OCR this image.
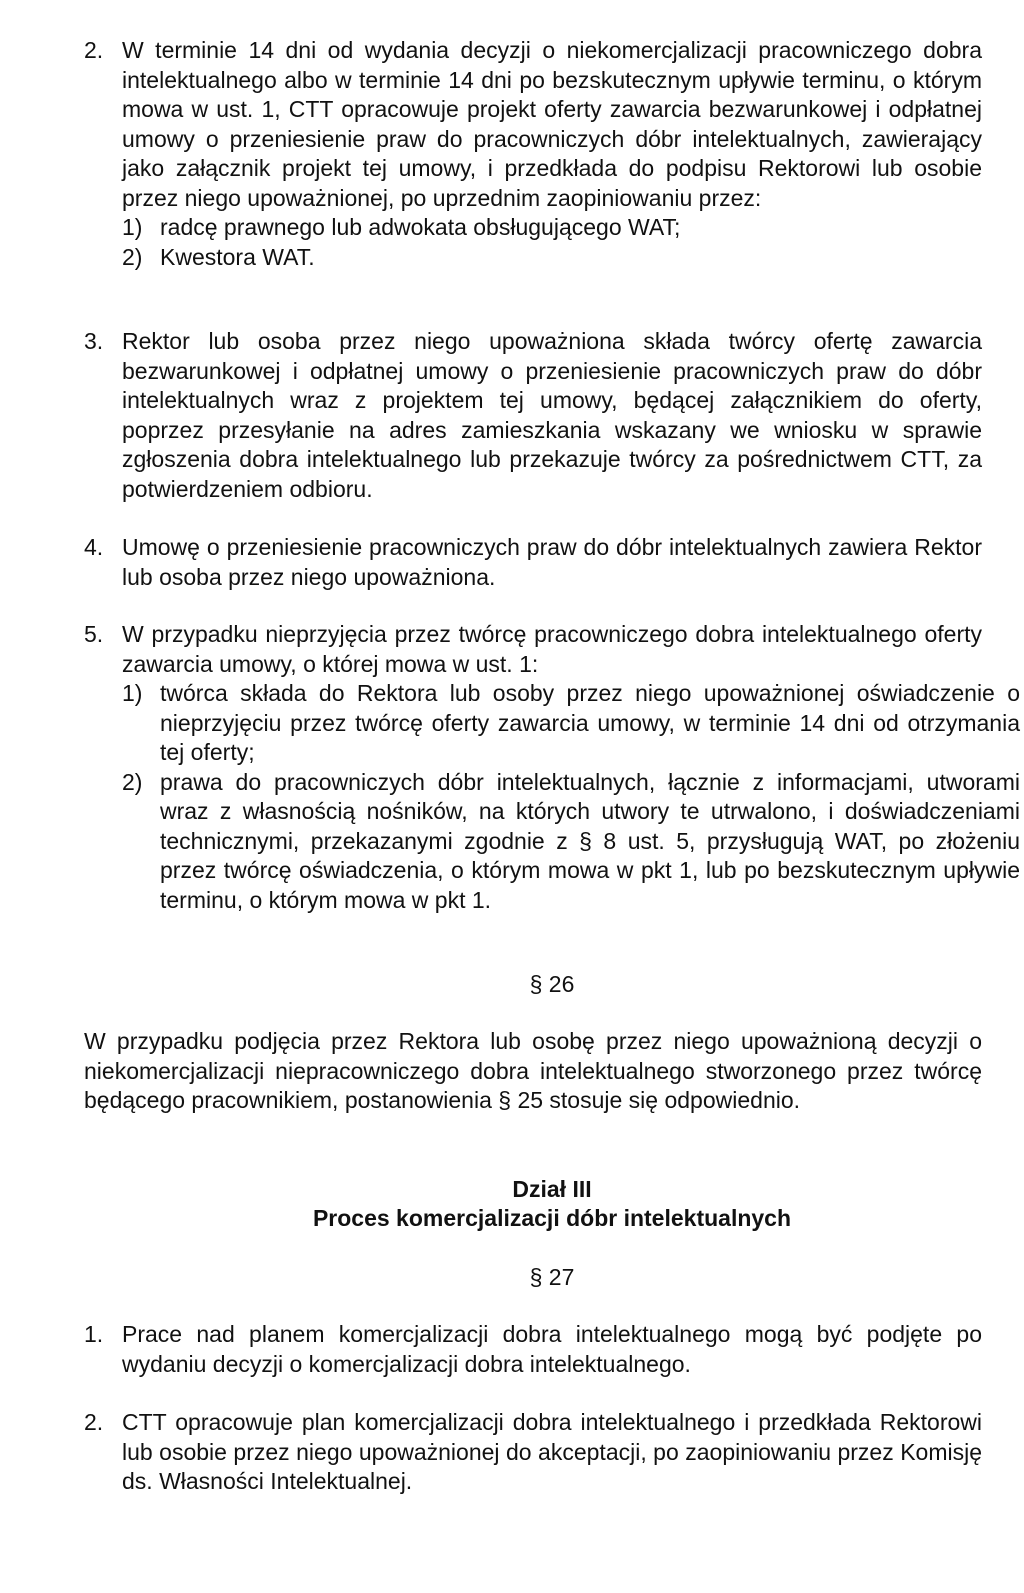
2. W terminie 14 dni od wydania decyzji o niekomercjalizacji pracowniczego dobra intelektualnego albo w terminie 14 dni po bezskutecznym upływie terminu, o którym mowa w ust. 1, CTT opracowuje projekt oferty zawarcia bezwarunkowej i odpłatnej umowy o przeniesienie praw do pracowniczych dóbr intelektualnych, zawierający jako załącznik projekt tej umowy, i przedkłada do podpisu Rektorowi lub osobie przez niego upoważnionej, po uprzednim zaopiniowaniu przez:
1) radcę prawnego lub adwokata obsługującego WAT;
2) Kwestora WAT.
3. Rektor lub osoba przez niego upoważniona składa twórcy ofertę zawarcia bezwarunkowej i odpłatnej umowy o przeniesienie pracowniczych praw do dóbr intelektualnych wraz z projektem tej umowy, będącej załącznikiem do oferty, poprzez przesyłanie na adres zamieszkania wskazany we wniosku w sprawie zgłoszenia dobra intelektualnego lub przekazuje twórcy za pośrednictwem CTT, za potwierdzeniem odbioru.
4. Umowę o przeniesienie pracowniczych praw do dóbr intelektualnych zawiera Rektor lub osoba przez niego upoważniona.
5. W przypadku nieprzyjęcia przez twórcę pracowniczego dobra intelektualnego oferty zawarcia umowy, o której mowa w ust. 1:
1) twórca składa do Rektora lub osoby przez niego upoważnionej oświadczenie o nieprzyjęciu przez twórcę oferty zawarcia umowy, w terminie 14 dni od otrzymania tej oferty;
2) prawa do pracowniczych dóbr intelektualnych, łącznie z informacjami, utworami wraz z własnością nośników, na których utwory te utrwalono, i doświadczeniami technicznymi, przekazanymi zgodnie z § 8 ust. 5, przysługują WAT, po złożeniu przez twórcę oświadczenia, o którym mowa w pkt 1, lub po bezskutecznym upływie terminu, o którym mowa w pkt 1.
§ 26
W przypadku podjęcia przez Rektora lub osobę przez niego upoważnioną decyzji o niekomercjalizacji niepracowniczego dobra intelektualnego stworzonego przez twórcę będącego pracownikiem, postanowienia § 25 stosuje się odpowiednio.
Dział III
Proces komercjalizacji dóbr intelektualnych
§ 27
1. Prace nad planem komercjalizacji dobra intelektualnego mogą być podjęte po wydaniu decyzji o komercjalizacji dobra intelektualnego.
2. CTT opracowuje plan komercjalizacji dobra intelektualnego i przedkłada Rektorowi lub osobie przez niego upoważnionej do akceptacji, po zaopiniowaniu przez Komisję ds. Własności Intelektualnej.
